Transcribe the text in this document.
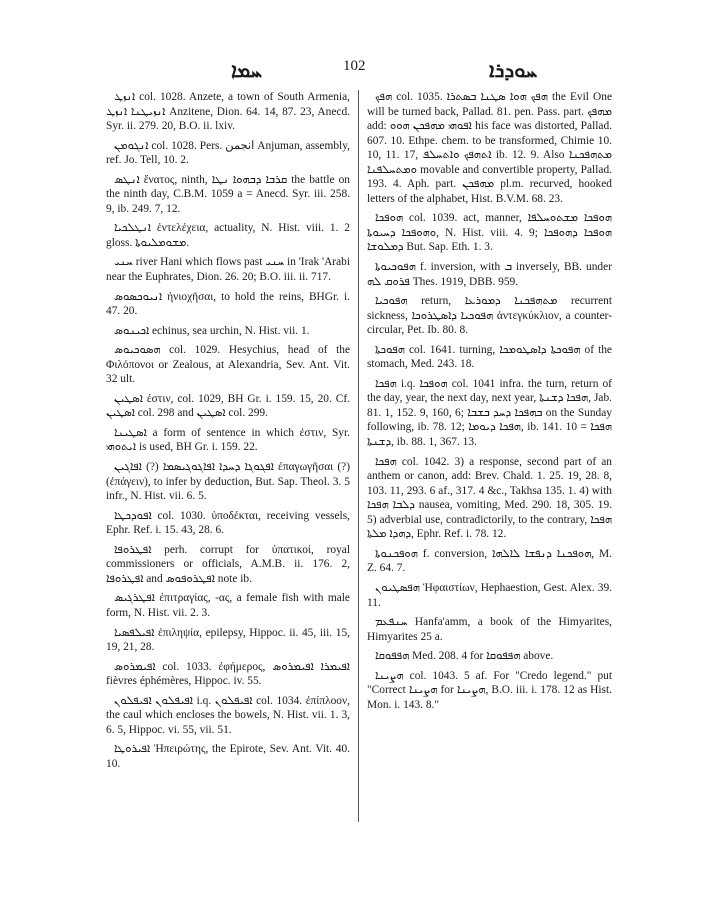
ܚܡܐ	102	ܚܘܕܪܐ

ܐܢܙܛ col. 1028. Anzete, a town of South Armenia, ܐܢܙܝܛܢܐ ܐܢܙܛ Anzitene, Dion. 64. 14, 87. 23, Anecd. Syr. ii. 279. 20, B.O. ii. lxiv.

ܐܢܓܘܡܢ col. 1028. Pers. انجمن Anjuman, assembly, ref. Jo. Tell, 10. 2.

ܐܢܛܣ ἔνατος, ninth, ܩܪܒܐ ܕܒܗܘܐ ܢܛܐ the battle on the ninth day, C.B.M. 1059 a = Anecd. Syr. iii. 258. 9, ib. 249. 7, 12.

ܐܢܛܠܟܝܐ ἐντελέχεια, actuality, N. Hist. viii. 1. 2 gloss. ܡܫܘܡܠܝܘܬܐ.

ܚܢܝ river Hani which flows past ܚܢܝ in 'Irak 'Arabi near the Euphrates, Dion. 26. 20; B.O. iii. ii. 717.

ܐܢܝܘܟܣܘܣ ἡνιοχῆσαι, to hold the reins, BHGr. i. 47. 20.

ܐܟܝܢܘܣ echinus, sea urchin, N. Hist. vii. 1.

ܗܣܘܟܝܘܣ col. 1029. Hesychius, head of the Φιλόπονοι or Zealous, at Alexandria, Sev. Ant. Vit. 32 ult.

ܐܣܛܝܢ ἐστιν, col. 1029, BH Gr. i. 159. 15, 20. Cf. ܐܣܛܝܢ col. 298 and ܐܣܛܝܢ col. 299.

ܐܣܛܝܢܐ a form of sentence in which ἐστιν, Syr. ܐܝܬܘܗܝ is used, BH Gr. i. 159. 22.

ܐܦܓܘܓܐ ܕܚܕܐ ܐܦܐܓܘܓܝܣܡܐ (?) ܐܦܐܓܝܢ ἐπαγωγῆσαι (?) (ἐπάγειν), to infer by deduction, But. Sap. Theol. 3. 5 infr., N. Hist. vii. 6. 5.

ܐܦܘܕܟܛܐ col. 1030. ὑποδέκται, receiving vessels, Ephr. Ref. i. 15. 43, 28. 6.

ܐܦܛܪܘܦܐ perh. corrupt for ὑπατικοί, royal commissioners or officials, A.M.B. ii. 176. 2, ܐܦܛܪܘܦܐ and ܐܦܛܪܘܦܘܣ note ib.

ܐܦܛܪܓܝܣ ἐπιτραγίας, -ας, a female fish with male form, N. Hist. vii. 2. 3.

ܐܦܝܠܦܣܝܐ ἐπιληψία, epilepsy, Hippoc. ii. 45, iii. 15, 19, 21, 28.

ܐܦܝܡܪܘܣ col. 1033. ἐφήμερος, ܐܦܝܡܪܐ ܐܦܝܡܪܘܣ fièvres éphémères, Hippoc. iv. 55.

ܐܦܝܦܠܘܢ ܐܦܝܦܠܘܢ i.q. ܐܦܝܦܠܘܢ col. 1034. ἐπίπλοον, the caul which encloses the bowels, N. Hist. vii. 1. 3, 6. 5, Hippoc. vi. 55, vii. 51.

ܐܦܝܪܘܛܐ Ἠπειρώτης, the Epirote, Sev. Ant. Vit. 40. 10.

ܗܦܟ col. 1035. ܗܦܟ ܗܘܐ ܣܛܢܐ ܒܣܬܪܐ the Evil One will be turned back, Pallad. 81. pen. Pass. part. ܡܗܦܟ add: ܐܦܘܗܝ ܡܗܦܟܢ ܗܘܘ his face was distorted, Pallad. 607. 10. Ethpe. chem. to be transformed, Chimie 10. 10, 11. 17, ܐܬܗܦܟ ܘܐܬܚܠܦ ib. 12. 9. Also ܡܬܗܦܟܢܐ ܘܡܬܚܠܦܢܐ movable and convertible property, Pallad. 193. 4. Aph. part. ܡܗܦܟܢ pl.m. recurved, hooked letters of the alphabet, Hist. B.V.M. 68. 23.

ܗܘܦܟܐ col. 1039. act, manner, ܗܘܦܟܐ ܡܫܬܘܚܠܦܐ ܘܗܘܦܟܐ ܕܚܝܘܬܐ, N. Hist. viii. 4. 9; ܗܘܦܟܐ ܕܗܘܦܟܐ ܕܡܠܘܫܐ But. Sap. Eth. 1. 3.

ܗܦܘܟܝܘܬܐ f. inversion, with ܒ inversely, BB. under ܦܪܘܩ ܠܗ Thes. 1919, DBB. 959.

ܗܦܘܟܝܐ return, ܡܬܗܦܟܢܐ ܕܡܘܪܥܐ recurrent sickness, ܗܦܘܟܝܐ ܕܐܣܛܪܘܟܐ ἀντεγκύκλιον, a counter-circular, Pet. Ib. 80. 8.

ܗܦܘܟܬܐ col. 1641. turning, ܗܦܘܟܬܐ ܕܐܣܛܘܡܟܐ of the stomach, Med. 243. 18.

ܗܦܟܐ i.q. ܗܘܦܟܐ col. 1041 infra. the turn, return of the day, year, the next day, next year, ܗܦܟܐ ܕܫܢܬܐ, Jab. 81. 1, 152. 9, 160, 6; ܒܗܦܟܐ ܕܚܕ ܒܫܒܐ on the Sunday following, ib. 78. 12; ܗܦܟܐ ܕܝܘܡܐ, ib. 141. 10 = ܗܦܟܐ ܕܫܢܬܐ, ib. 88. 1, 367. 13.

ܗܦܟܐ col. 1042. 3) a response, second part of an anthem or canon, add: Brev. Chald. 1. 25. 19, 28. 8, 103. 11, 293. 6 af., 317. 4 &c., Takhsa 135. 1. 4) with ܕܠܒܐ ܗܦܟܐ nausea, vomiting, Med. 290. 18, 305. 19. 5) adverbial use, contradictorily, to the contrary, ܗܦܟܐ ܕܗܕܐ ܡܠܬܐ, Ephr. Ref. i. 78. 12.

ܗܘܦܟܢܘܬܐ f. conversion, ܗܘܦܟܢܐ ܕܢܦܫܐ ܠܐܠܗܐ, M. Z. 64. 7.

ܗܦܣܛܝܘܢ Ἡφαιστίων, Hephaestion, Gest. Alex. 39. 11.

ܚܢܦܥܡ Hanfa'amm, a book of the Himyarites, Himyarites 25 a.

ܗܦܦܘܩܐ Med. 208. 4 for ܗܦܦܘܩܐ above.

ܗܨܝܢܐ col. 1043. 5 af. For "Credo legend." put "Correct ܗܨܝܢܐ for ܗܨܝܢܐ, B.O. iii. i. 178. 12 as Hist. Mon. i. 143. 8."
